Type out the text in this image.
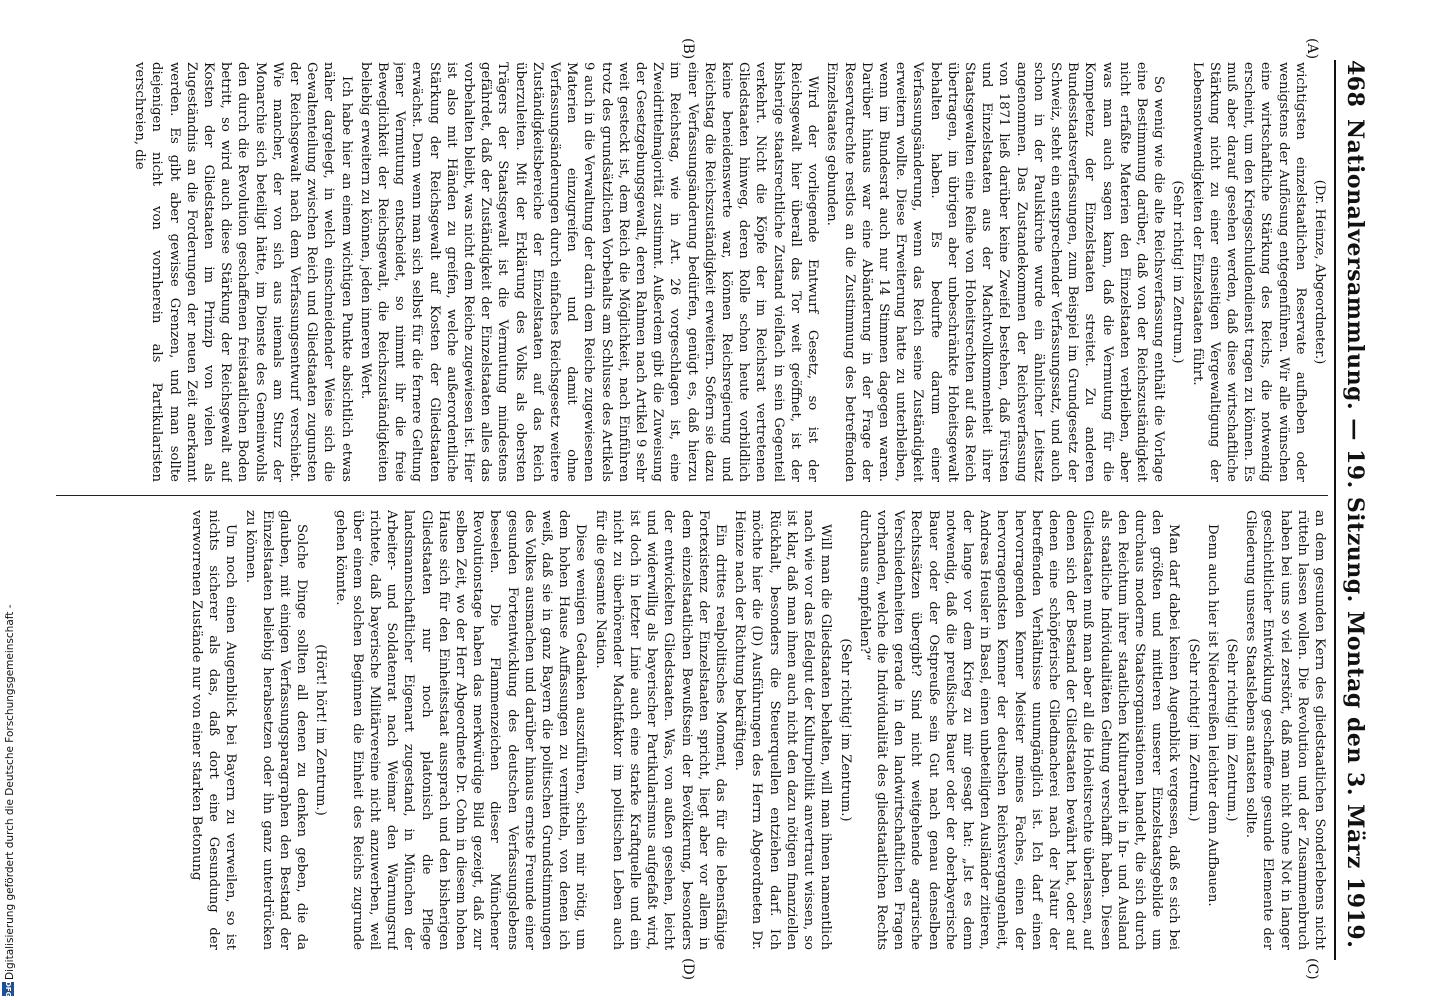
468
Nationalversammlung. — 19. Sitzung. Montag den 3. März 1919.
(A)
(B)
(C)
(D)

(Dr. Heinze, Abgeordneter.)

wichtigsten einzelstaatlichen Reservate aufheben oder wenigstens der Auflösung entgegenführen. Wir alle wünschen eine wirtschaftliche Stärkung des Reichs, die notwendig erscheint, um den Kriegsschuldendienst tragen zu können. Es muß aber darauf gesehen werden, daß diese wirtschaftliche Stärkung nicht zu einer einseitigen Vergewaltigung der Lebensnotwendigkeiten der Einzelstaaten führt.

(Sehr richtig! im Zentrum.)

So wenig wie die alte Reichsverfassung enthält die Vorlage eine Bestimmung darüber, daß von der Reichszuständigkeit nicht erfaßte Materien den Einzelstaaten verbleiben, aber was man auch sagen kann, daß die Vermutung für die Kompetenz der Einzelstaaten streitet. Zu anderen Bundesstaatsverfassungen, zum Beispiel im Grundgesetz der Schweiz, steht ein entsprechender Verfassungssatz, und auch schon in der Paulskirche wurde ein ähnlicher Leitsatz angenommen. Das Zustandekommen der Reichsverfassung von 1871 ließ darüber keine Zweifel bestehen, daß Fürsten und Einzelstaaten aus der Machtvollkommenheit ihrer Staatsgewalten eine Reihe von Hoheitsrechten auf das Reich übertragen, im übrigen aber unbeschränkte Hoheitsgewalt behalten haben. Es bedurfte darum einer Verfassungsänderung, wenn das Reich seine Zuständigkeit erweitern wollte. Diese Erweiterung hatte zu unterbleiben, wenn im Bundesrat auch nur 14 Stimmen dagegen waren. Darüber hinaus war eine Abänderung in der Frage der Reservatrechte restlos an die Zustimmung des betreffenden Einzelstaates gebunden.

Wird der vorliegende Entwurf Gesetz, so ist der Reichsgewalt hier überall das Tor weit geöffnet, ist der bisherige staatsrechtliche Zustand vielfach in sein Gegenteil verkehrt. Nicht die Köpfe der im Reichsrat vertretenen Gliedstaaten hinweg, deren Rolle schon heute vorbildlich keine beneidenswerte war, können Reichsregierung und Reichstag die Reichszuständigkeit erweitern. Sofern sie dazu einer Verfassungsänderung bedürfen, genügt es, daß hierzu im Reichstag, wie in Art. 26 vorgeschlagen ist, eine Zweidrittelmajorität zustimmt. Außerdem gibt die Zuweisung der Gesetzgebungsgewalt, deren Rahmen nach Artikel 9 sehr weit gesteckt ist, dem Reich die Möglichkeit, nach Einführen trotz des grundsätzlichen Vorbehalts am Schlusse des Artikels 9 auch in die Verwaltung der darin dem Reiche zugewiesenen Materien einzugreifen und damit ohne Verfassungsänderungen durch einfaches Reichsgesetz weitere Zuständigkeitsbereiche der Einzelstaaten auf das Reich überzuleiten. Mit der Erklärung des Volks als obersten Trägers der Staatsgewalt ist die Vermutung mindestens gefährdet, daß der Zuständigkeit der Einzelstaaten alles das vorbehalten bleibt, was nicht dem Reiche zugewiesen ist. Hier ist also mit Händen zu greifen, welche außerordentliche Stärkung der Reichsgewalt auf Kosten der Gliedstaaten erwächst. Denn wenn man sich selbst für die fernere Geltung jener Vermutung entscheidet, so nimmt ihr die freie Beweglichkeit der Reichsgewalt, die Reichszuständigkeiten beliebig erweitern zu können, jeden inneren Wert.

Ich habe hier an einem wichtigen Punkte absichtlich etwas näher dargelegt, in welch einschneidender Weise sich die Gewaltenteilung zwischen Reich und Gliedstaaten zugunsten der Reichsgewalt nach dem Verfassungsentwurf verschiebt. Wie mancher, der von sich aus niemals am Sturz der Monarchie sich beteiligt hätte, im Dienste des Gemeinwohls den durch die Revolution geschaffenen freistaatlichen Boden betritt, so wird auch diese Stärkung der Reichsgewalt auf Kosten der Gliedstaaten im Prinzip von vielen als Zugeständnis an die Forderungen der neuen Zeit anerkannt werden. Es gibt aber gewisse Grenzen, und man sollte diejenigen nicht von vornherein als Partikularisten verschreien, die

an dem gesunden Kern des gliedstaatlichen Sonderlebens nicht rütteln lassen wollen. Die Revolution und der Zusammenbruch haben bei uns so viel zerstört, daß man nicht ohne Not in langer geschichtlicher Entwicklung geschaffene gesunde Elemente der Gliederung unseres Staatslebens antasten sollte.

(Sehr richtig! im Zentrum.)

Denn auch hier ist Niederreißen leichter denn Aufbauen.

(Sehr richtig! im Zentrum.)

Man darf dabei keinen Augenblick vergessen, daß es sich bei den größten und mittleren unserer Einzelstaatsgebilde um durchaus moderne Staatsorganisationen handelt, die sich durch den Reichtum ihrer staatlichen Kulturarbeit in In- und Ausland als staatliche Individualitäten Geltung verschafft haben. Diesen Gliedstaaten muß man aber all die Hoheitsrechte überlassen, auf denen sich der Bestand der Gliedstaaten bewährt hat, oder auf denen eine schöpferische Gliedmacherei nach der Natur der betreffenden Verhältnisse unumgänglich ist. Ich darf einen hervorragenden Kenner Meister meines Faches, einen der hervorragendsten Kenner der deutschen Reichsvergangenheit, Andreas Heusler in Basel, einen unbeteiligten Ausländer zitieren, der lange vor dem Krieg zu mir gesagt hat: „Ist es denn notwendig, daß die preußische Bauer oder der oberbayerische Bauer oder der Ostpreuße sein Gut nach genau denselben Rechtssätzen übergibt? Sind nicht weitgehende agrarische Verschiedenheiten gerade in den landwirtschaftlichen Fragen vorhanden, welche die Individualität des gliedstaatlichen Rechts durchaus empfehlen?“

(Sehr richtig! im Zentrum.)

Will man die Gliedstaaten behalten, will man ihnen namentlich nach wie vor das Edelgut der Kulturpolitik anvertraut wissen, so ist klar, daß man ihnen auch nicht den dazu nötigen finanziellen Rückhalt, besonders die Steuerquellen entziehen darf. Ich möchte hier die (D) Ausführungen des Herrn Abgeordneten Dr. Heinze nach der Richtung bekräftigen.

Ein drittes realpolitisches Moment, das für die lebensfähige Fortexistenz der Einzelstaaten spricht, liegt aber vor allem in dem einzelstaatlichen Bewußtsein der Bevölkerung, besonders der entwickelten Gliedstaaten. Was, von außen gesehen, leicht und widerwillig als bayerischer Partikularismus aufgefaßt wird, ist doch in letzter Linie auch eine starke Kraftquelle und ein nicht zu überhörender Machtfaktor im politischen Leben auch für die gesamte Nation.

Diese wenigen Gedanken auszuführen, schien mir nötig, um dem hohen Hause Auffassungen zu vermitteln, von denen ich weiß, daß sie in ganz Bayern die politischen Grundstimmungen des Volkes ausmachen und darüber hinaus ernste Freunde einer gesunden Fortentwicklung des deutschen Verfassungslebens beseelen. Die Flammenzeichen dieser Münchener Revolutionstage haben das merkwürdige Bild gezeigt, daß zur selben Zeit, wo der Herr Abgeordnete Dr. Cohn in diesem hohen Hause sich für den Einheitsstaat aussprach und den bisherigen Gliedstaaten nur noch platonisch die Pflege landsmannschaftlicher Eigenart zugestand, in München der Arbeiter- und Soldatenrat nach Weimar den Warnungsruf richtete, daß bayerische Militärvereine nicht anzuwerben, weil über einem solchen Beginnen die Einheit des Reichs zugrunde gehen könnte.

(Hört! hört! im Zentrum.)

Solche Dinge sollten all denen zu denken geben, die da glauben, mit einigen Verfassungsparagraphen den Bestand der Einzelstaaten beliebig herabsetzen oder ihn ganz unterdrücken zu können.

Um noch einen Augenblick bei Bayern zu verweilen, so ist nichts sicherer als das, daß dort eine Gesundung der verworrenen Zustände nur von einer starken Betonung

Digitalisierung gefördert durch die Deutsche Forschungsgemeinschaft -
DFG
